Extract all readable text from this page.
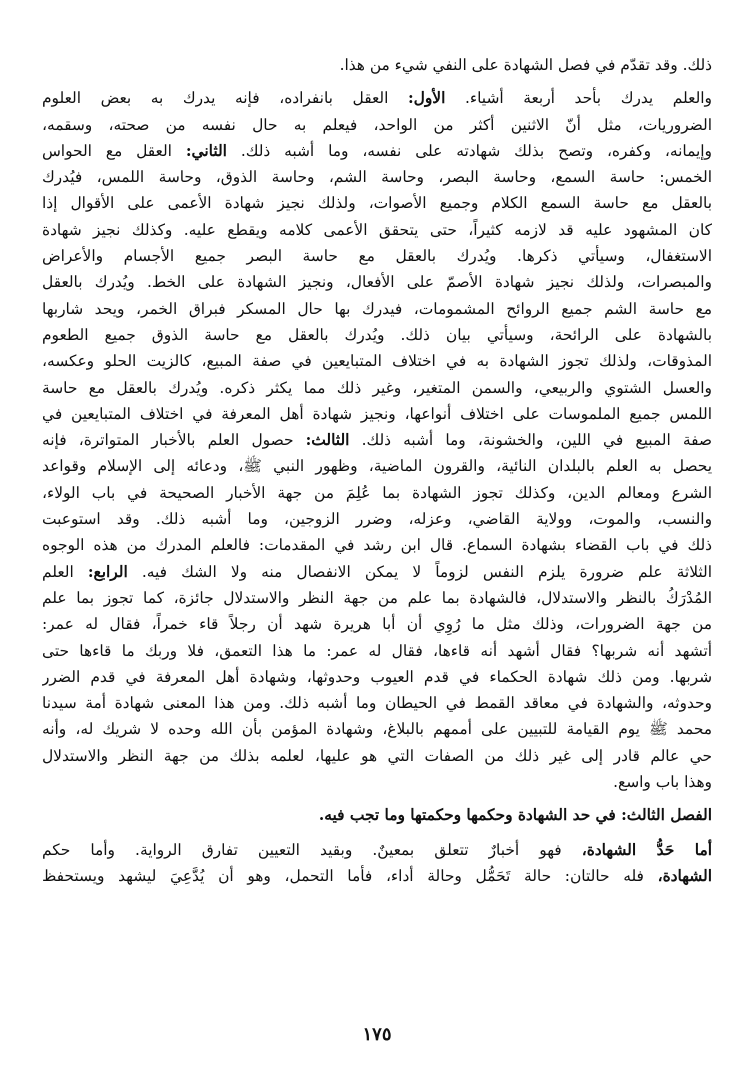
ذلك. وقد تقدّم في فصل الشهادة على النفي شيء من هذا.
والعلم يدرك بأحد أربعة أشياء. الأول: العقل بانفراده، فإنه يدرك به بعض العلوم
الضروريات، مثل أنّ الاثنين أكثر من الواحد، فيعلم به حال نفسه من صحته، وسقمه،
وإيمانه، وكفره، وتصح بذلك شهادته على نفسه، وما أشبه ذلك. الثاني: العقل مع الحواس
الخمس: حاسة السمع، وحاسة البصر، وحاسة الشم، وحاسة الذوق، وحاسة اللمس، فيُدرك
بالعقل مع حاسة السمع الكلام وجميع الأصوات، ولذلك نجيز شهادة الأعمى على الأقوال إذا
كان المشهود عليه قد لازمه كثيراً، حتى يتحقق الأعمى كلامه ويقطع عليه. وكذلك نجيز شهادة
الاستغفال، وسيأتي ذكرها. ويُدرك بالعقل مع حاسة البصر جميع الأجسام والأعراض
والمبصرات، ولذلك نجيز شهادة الأصمّ على الأفعال، ونجيز الشهادة على الخط. ويُدرك بالعقل
مع حاسة الشم جميع الروائح المشمومات، فيدرك بها حال المسكر فبراق الخمر، ويحد شاربها
بالشهادة على الرائحة، وسيأتي بيان ذلك. ويُدرك بالعقل مع حاسة الذوق جميع الطعوم
المذوقات، ولذلك تجوز الشهادة به في اختلاف المتبايعين في صفة المبيع، كالزيت الحلو وعكسه،
والعسل الشتوي والربيعي، والسمن المتغير، وغير ذلك مما يكثر ذكره. ويُدرك بالعقل مع حاسة
اللمس جميع الملموسات على اختلاف أنواعها، ونجيز شهادة أهل المعرفة في اختلاف المتبايعين في
صفة المبيع في اللين، والخشونة، وما أشبه ذلك. الثالث: حصول العلم بالأخبار المتواترة، فإنه
يحصل به العلم بالبلدان النائية، والقرون الماضية، وظهور النبي ﷺ، ودعائه إلى الإسلام وقواعد
الشرع ومعالم الدين، وكذلك تجوز الشهادة بما عُلِمَ من جهة الأخبار الصحيحة في باب الولاء،
والنسب، والموت، وولاية القاضي، وعزله، وضرر الزوجين، وما أشبه ذلك. وقد استوعبت
ذلك في باب القضاء بشهادة السماع. قال ابن رشد في المقدمات: فالعلم المدرك من هذه الوجوه
الثلاثة علم ضرورة يلزم النفس لزوماً لا يمكن الانفصال منه ولا الشك فيه. الرابع: العلم
المُدْرَكُ بالنظر والاستدلال، فالشهادة بما علم من جهة النظر والاستدلال جائزة، كما تجوز بما علم
من جهة الضرورات، وذلك مثل ما رُوِي أن أبا هريرة شهد أن رجلاً قاء خمراً، فقال له عمر:
أتشهد أنه شربها؟ فقال أشهد أنه قاءها، فقال له عمر: ما هذا التعمق، فلا وربك ما قاءها حتى
شربها. ومن ذلك شهادة الحكماء في قدم العيوب وحدوثها، وشهادة أهل المعرفة في قدم الضرر
وحدوثه، والشهادة في معاقد القمط في الحيطان وما أشبه ذلك. ومن هذا المعنى شهادة أمة سيدنا
محمد ﷺ يوم القيامة للتبيين على أممهم بالبلاغ، وشهادة المؤمن بأن الله وحده لا شريك له، وأنه
حي عالم قادر إلى غير ذلك من الصفات التي هو عليها، لعلمه بذلك من جهة النظر والاستدلال
وهذا باب واسع.
الفصل الثالث: في حد الشهادة وحكمها وحكمتها وما تجب فيه.
أما حَدُّ الشهادة، فهو أخبارٌ تتعلق بمعينٌ. وبقيد التعيين تفارق الرواية. وأما حكم
الشهادة، فله حالتان: حالة تَحَمُّل وحالة أداء، فأما التحمل، وهو أن يُدَّعِيَ ليشهد ويستحفظ
١٧٥
